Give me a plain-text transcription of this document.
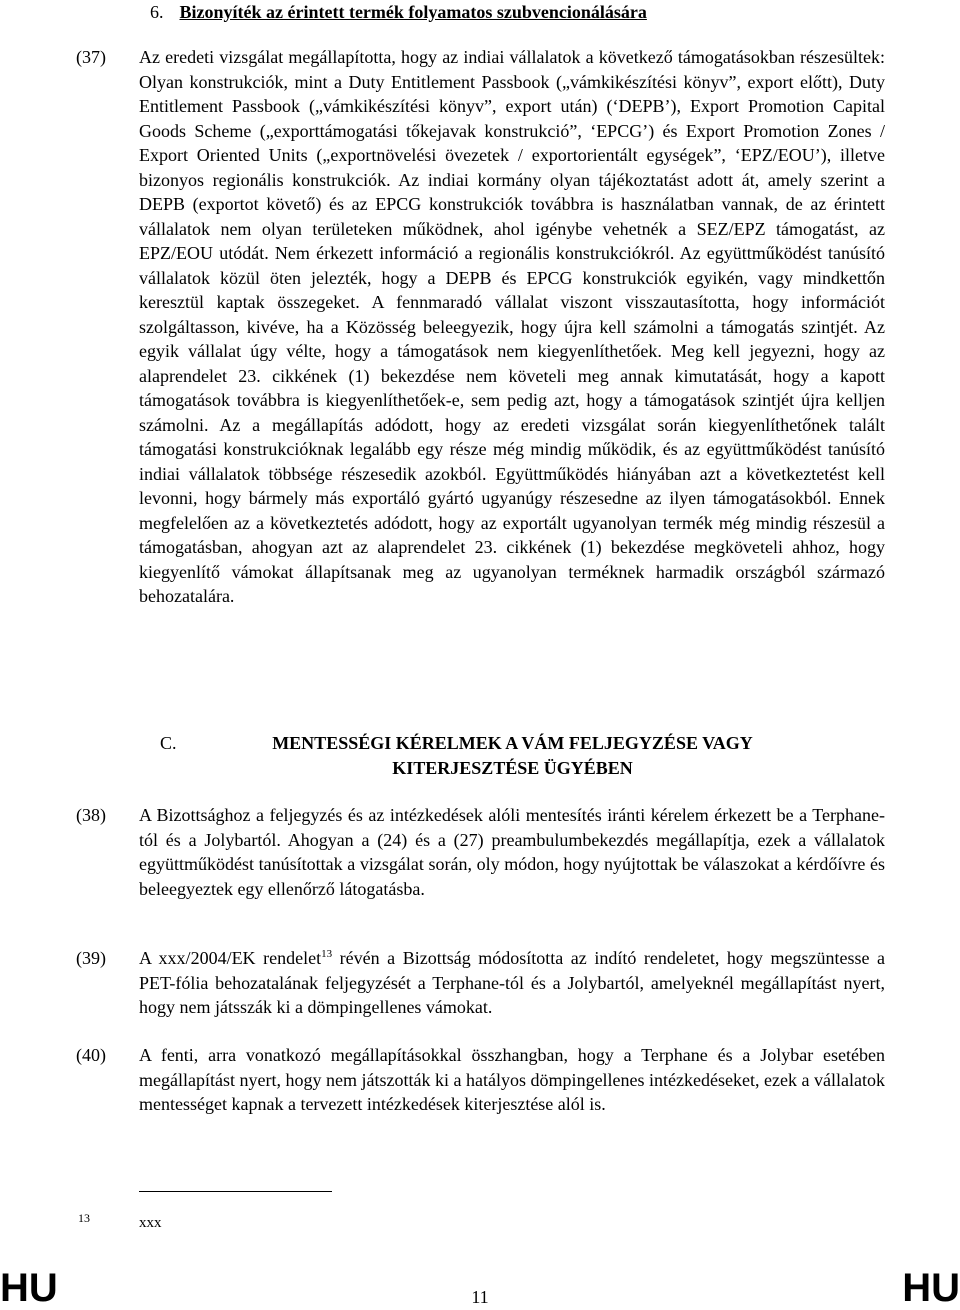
6. Bizonyíték az érintett termék folyamatos szubvencionálására
(37) Az eredeti vizsgálat megállapította, hogy az indiai vállalatok a következő támogatásokban részesültek: Olyan konstrukciók, mint a Duty Entitlement Passbook („vámkikészítési könyv”, export előtt), Duty Entitlement Passbook („vámkikészítési könyv”, export után) (‘DEPB’), Export Promotion Capital Goods Scheme („exporttámogatási tőkejavak konstrukció”, ‘EPCG’) és Export Promotion Zones / Export Oriented Units („exportnövelési övezetek / exportorientált egységek”, ‘EPZ/EOU’), illetve bizonyos regionális konstrukciók. Az indiai kormány olyan tájékoztatást adott át, amely szerint a DEPB (exportot követő) és az EPCG konstrukciók továbbra is használatban vannak, de az érintett vállalatok nem olyan területeken működnek, ahol igénybe vehetnék a SEZ/EPZ támogatást, az EPZ/EOU utódát. Nem érkezett információ a regionális konstrukciókról. Az együttműködést tanúsító vállalatok közül öten jelezték, hogy a DEPB és EPCG konstrukciók egyikén, vagy mindkettőn keresztül kaptak összegeket. A fennmaradó vállalat viszont visszautasította, hogy információt szolgáltasson, kivéve, ha a Közösség beleegyezik, hogy újra kell számolni a támogatás szintjét. Az egyik vállalat úgy vélte, hogy a támogatások nem kiegyenlíthetőek. Meg kell jegyezni, hogy az alaprendelet 23. cikkének (1) bekezdése nem követeli meg annak kimutatását, hogy a kapott támogatások továbbra is kiegyenlíthetőek-e, sem pedig azt, hogy a támogatások szintjét újra kelljen számolni. Az a megállapítás adódott, hogy az eredeti vizsgálat során kiegyenlíthetőnek talált támogatási konstrukcióknak legalább egy része még mindig működik, és az együttműködést tanúsító indiai vállalatok többsége részesedik azokból. Együttműködés hiányában azt a következtetést kell levonni, hogy bármely más exportáló gyártó ugyanúgy részesedne az ilyen támogatásokból. Ennek megfelelően az a következtetés adódott, hogy az exportált ugyanolyan termék még mindig részesül a támogatásban, ahogyan azt az alaprendelet 23. cikkének (1) bekezdése megköveteli ahhoz, hogy kiegyenlítő vámokat állapítsanak meg az ugyanolyan terméknek harmadik országból származó behozatalára.
C.	MENTESSÉGI KÉRELMEK A VÁM FELJEGYZÉSE VAGY
KITERJESZTÉSE ÜGYÉBEN
(38) A Bizottsághoz a feljegyzés és az intézkedések alóli mentesítés iránti kérelem érkezett be a Terphane-tól és a Jolybartól. Ahogyan a (24) és a (27) preambulumbekezdés megállapítja, ezek a vállalatok együttműködést tanúsítottak a vizsgálat során, oly módon, hogy nyújtottak be válaszokat a kérdőívre és beleegyeztek egy ellenőrző látogatásba.
(39) A xxx/2004/EK rendelet$^{13}$ révén a Bizottság módosította az indító rendeletet, hogy megszüntesse a PET-fólia behozatalának feljegyzését a Terphane-tól és a Jolybartól, amelyeknél megállapítást nyert, hogy nem játsszák ki a dömpingellenes vámokat.
(40) A fenti, arra vonatkozó megállapításokkal összhangban, hogy a Terphane és a Jolybar esetében megállapítást nyert, hogy nem játszották ki a hatályos dömpingellenes intézkedéseket, ezek a vállalatok mentességet kapnak a tervezett intézkedések kiterjesztése alól is.
13	xxx
HU	11	HU
